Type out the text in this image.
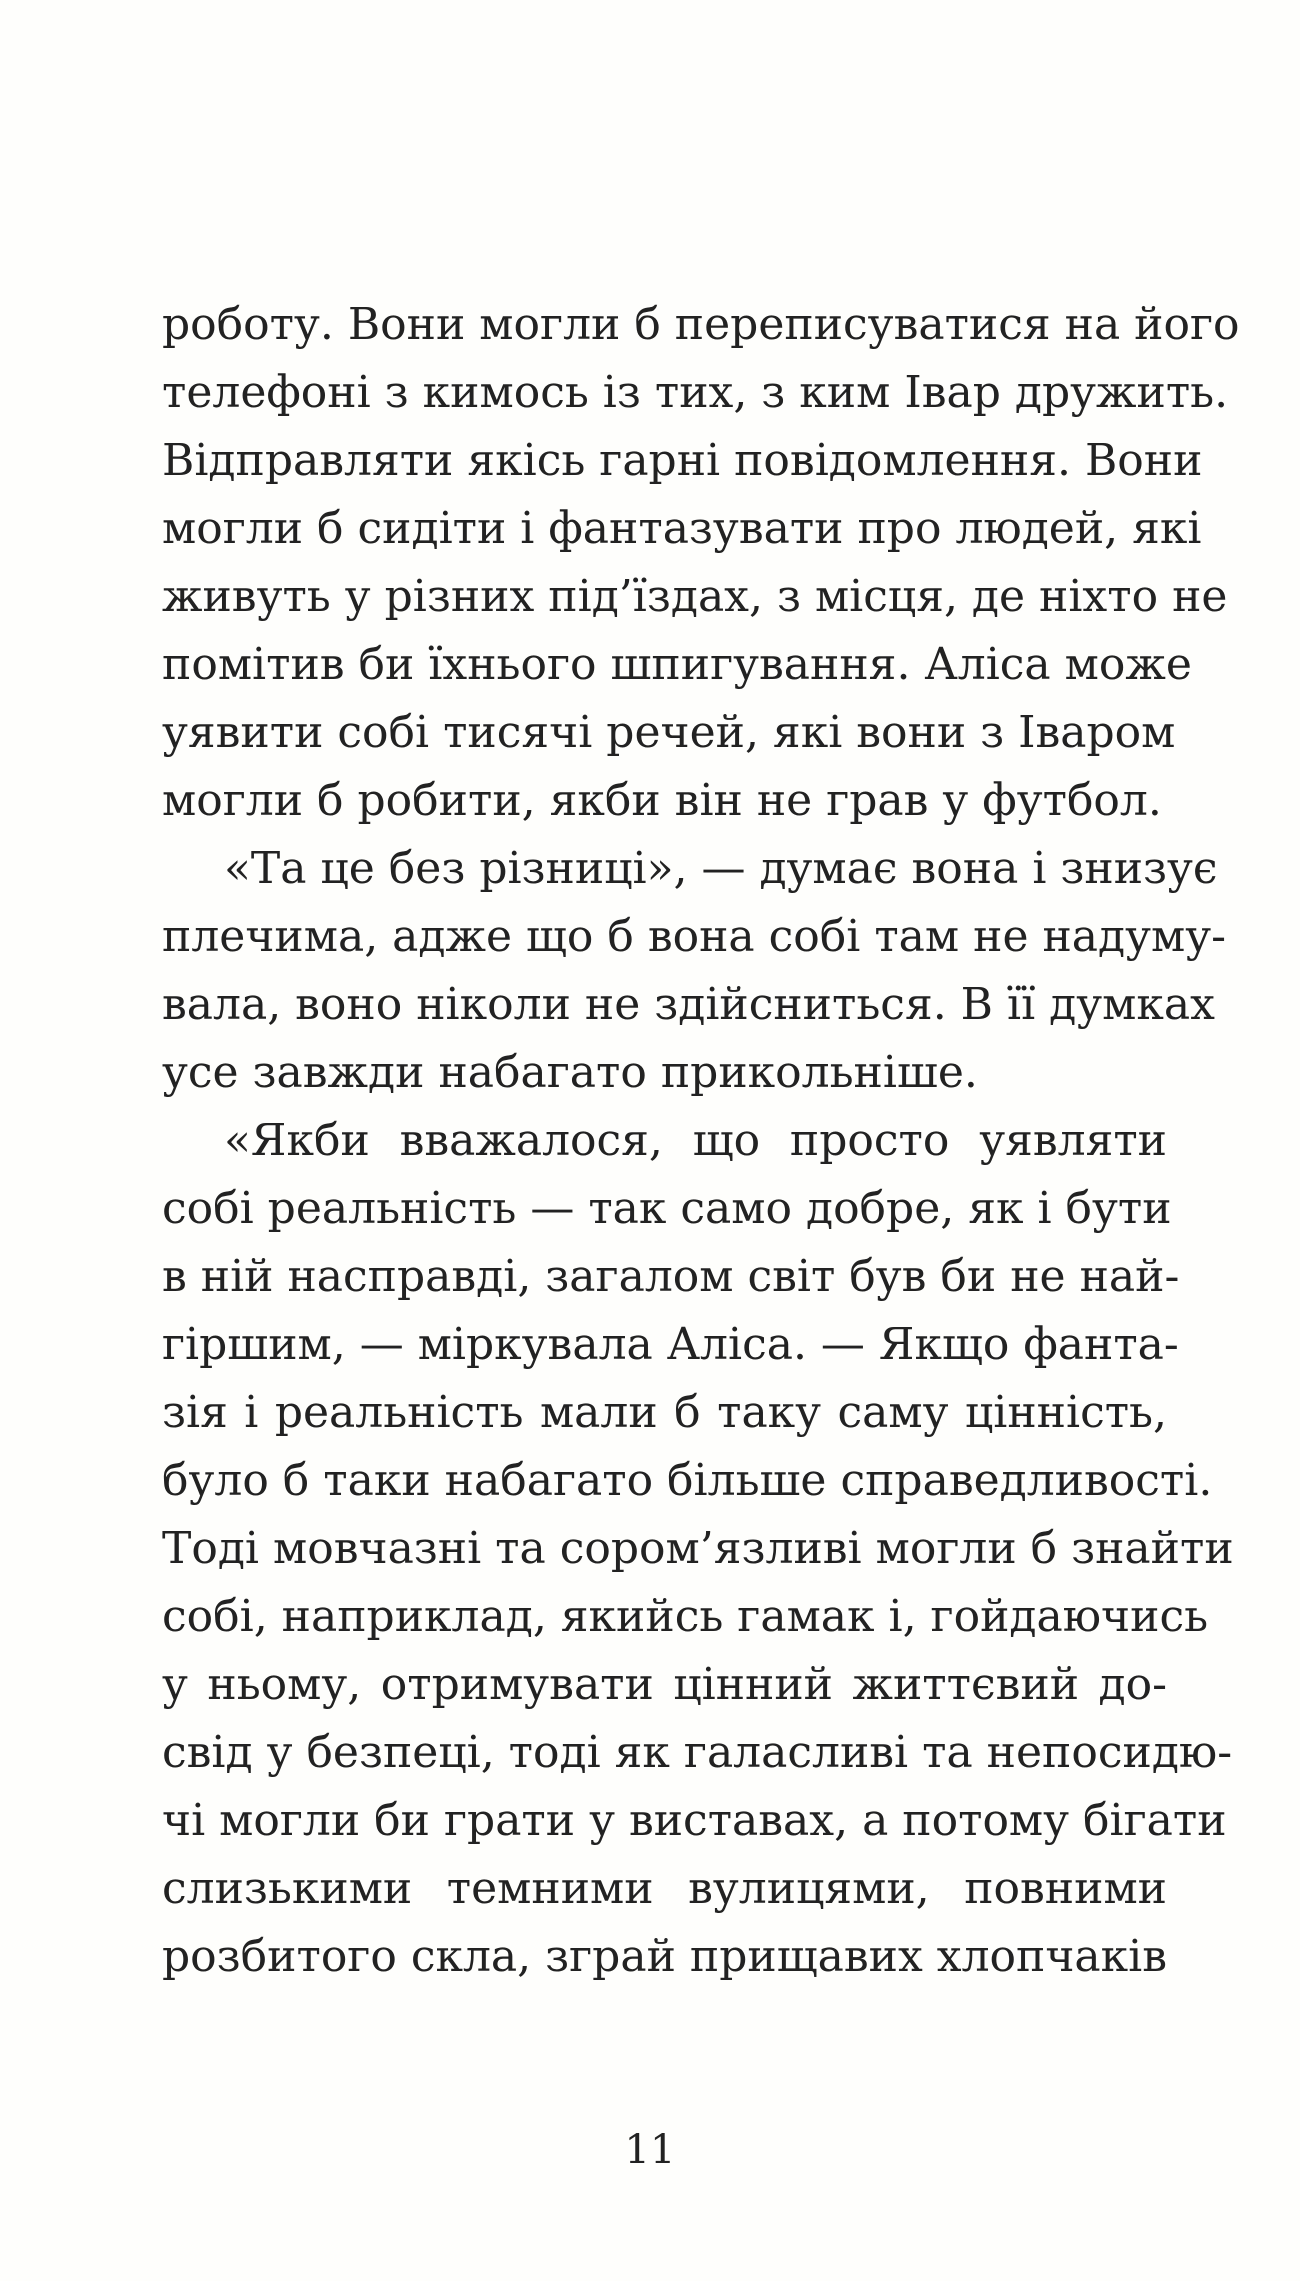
роботу. Вони могли б переписуватися на його
телефоні з кимось із тих, з ким Івар дружить.
Відправляти якісь гарні повідомлення. Вони
могли б сидіти і фантазувати про людей, які
живуть у різних під’їздах, з місця, де ніхто не
помітив би їхнього шпигування. Аліса може
уявити собі тисячі речей, які вони з Іваром
могли б робити, якби він не грав у футбол.
«Та це без різниці», — думає вона і знизує
плечима, адже що б вона собі там не надуму-
вала, воно ніколи не здійсниться. В її думках
усе завжди набагато прикольніше.
«Якби вважалося, що просто уявляти
собі реальність — так само добре, як і бути
в ній насправді, загалом світ був би не най-
гіршим, — міркувала Аліса. — Якщо фанта-
зія і реальність мали б таку саму цінність,
було б таки набагато більше справедливості.
Тоді мовчазні та сором’язливі могли б знайти
собі, наприклад, якийсь гамак і, гойдаючись
у ньому, отримувати цінний життєвий до-
свід у безпеці, тоді як галасливі та непосидю-
чі могли би грати у виставах, а потому бігати
слизькими темними вулицями, повними
розбитого скла, зграй прищавих хлопчаків
11
